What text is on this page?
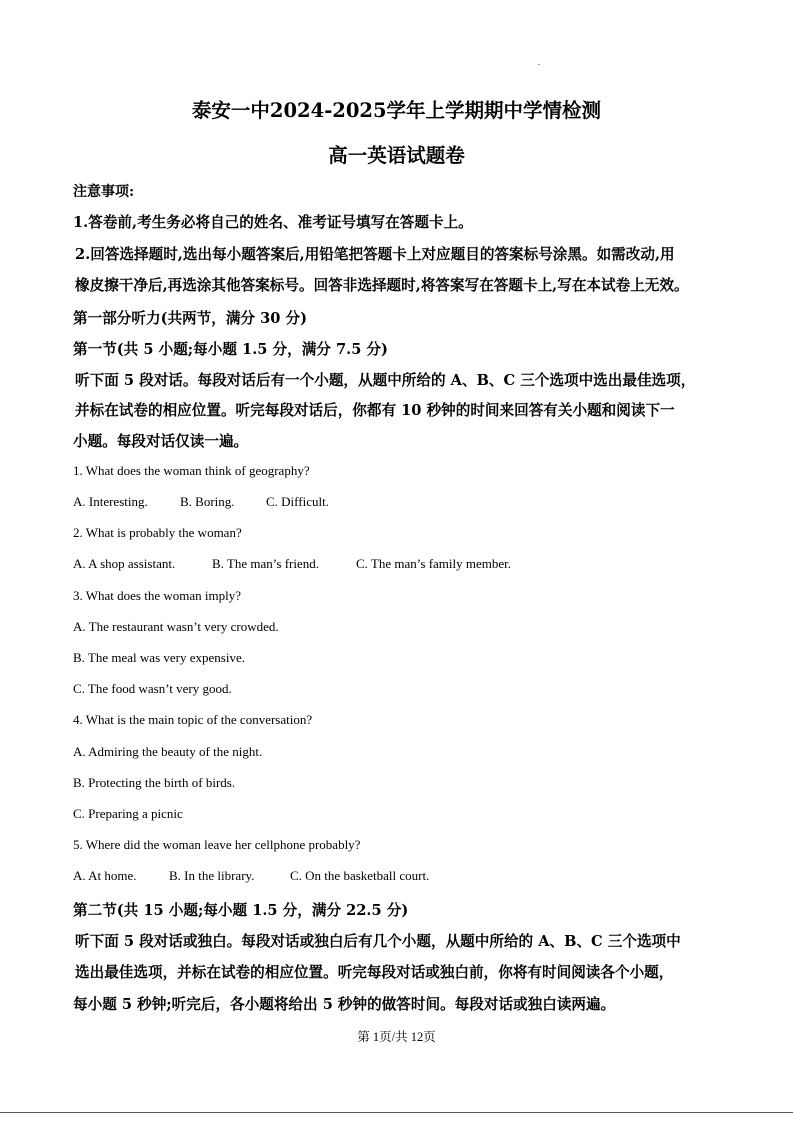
泰安一中2024-2025学年上学期期中学情检测
高一英语试题卷
注意事项:
1.答卷前,考生务必将自己的姓名、准考证号填写在答题卡上。
2.回答选择题时,选出每小题答案后,用铅笔把答题卡上对应题目的答案标号涂黑。如需改动,用
橡皮擦干净后,再选涂其他答案标号。回答非选择题时,将答案写在答题卡上,写在本试卷上无效。
第一部分听力(共两节，满分 30 分)
第一节(共 5 小题;每小题 1.5 分，满分 7.5 分)
听下面 5 段对话。每段对话后有一个小题，从题中所给的 A、B、C 三个选项中选出最佳选项，
并标在试卷的相应位置。听完每段对话后，你都有 10 秒钟的时间来回答有关小题和阅读下一
小题。每段对话仅读一遍。
1. What does the woman think of geography?
A. Interesting. B. Boring. C. Difficult.
2. What is probably the woman?
A. A shop assistant.	B. The man’s friend.	C. The man’s family member.
3. What does the woman imply?
A. The restaurant wasn’t very crowded.
B. The meal was very expensive.
C. The food wasn’t very good.
4. What is the main topic of the conversation?
A. Admiring the beauty of the night.
B. Protecting the birth of birds.
C. Preparing a picnic
5. Where did the woman leave her cellphone probably?
A. At home. B. In the library.	C. On the basketball court.
第二节(共 15 小题;每小题 1.5 分，满分 22.5 分)
听下面 5 段对话或独白。每段对话或独白后有几个小题，从题中所给的 A、B、C 三个选项中
选出最佳选项，并标在试卷的相应位置。听完每段对话或独白前，你将有时间阅读各个小题，
每小题 5 秒钟;听完后，各小题将给出 5 秒钟的做答时间。每段对话或独白读两遍。
第 1页/共 12页
